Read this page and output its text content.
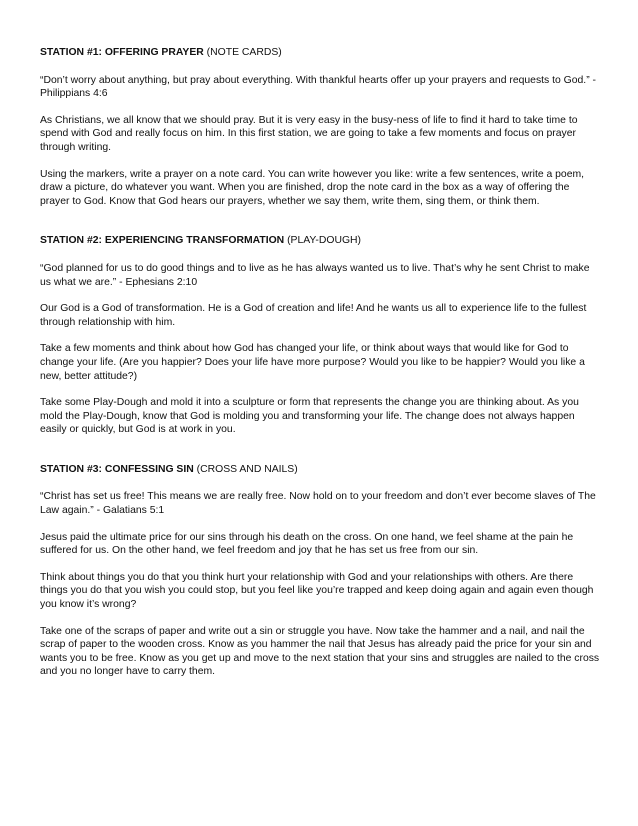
STATION #1: OFFERING PRAYER (NOTE CARDS)

“Don’t worry about anything, but pray about everything. With thankful hearts offer up your prayers and requests to God.” - Philippians 4:6

As Christians, we all know that we should pray. But it is very easy in the busy-ness of life to find it hard to take time to spend with God and really focus on him. In this first station, we are going to take a few moments and focus on prayer through writing.

Using the markers, write a prayer on a note card. You can write however you like: write a few sentences, write a poem, draw a picture, do whatever you want. When you are finished, drop the note card in the box as a way of offering the prayer to God. Know that God hears our prayers, whether we say them, write them, sing them, or think them.

STATION #2: EXPERIENCING TRANSFORMATION (PLAY-DOUGH)

“God planned for us to do good things and to live as he has always wanted us to live. That’s why he sent Christ to make us what we are.” - Ephesians 2:10

Our God is a God of transformation. He is a God of creation and life! And he wants us all to experience life to the fullest through relationship with him.

Take a few moments and think about how God has changed your life, or think about ways that would like for God to change your life. (Are you happier? Does your life have more purpose? Would you like to be happier? Would you like a new, better attitude?)

Take some Play-Dough and mold it into a sculpture or form that represents the change you are thinking about. As you mold the Play-Dough, know that God is molding you and transforming your life. The change does not always happen easily or quickly, but God is at work in you.

STATION #3: CONFESSING SIN (CROSS AND NAILS)

“Christ has set us free! This means we are really free. Now hold on to your freedom and don’t ever become slaves of The Law again.” - Galatians 5:1

Jesus paid the ultimate price for our sins through his death on the cross. On one hand, we feel shame at the pain he suffered for us. On the other hand, we feel freedom and joy that he has set us free from our sin.

Think about things you do that you think hurt your relationship with God and your relationships with others. Are there things you do that you wish you could stop, but you feel like you’re trapped and keep doing again and again even though you know it’s wrong?

Take one of the scraps of paper and write out a sin or struggle you have. Now take the hammer and a nail, and nail the scrap of paper to the wooden cross. Know as you hammer the nail that Jesus has already paid the price for your sin and wants you to be free. Know as you get up and move to the next station that your sins and struggles are nailed to the cross and you no longer have to carry them.
